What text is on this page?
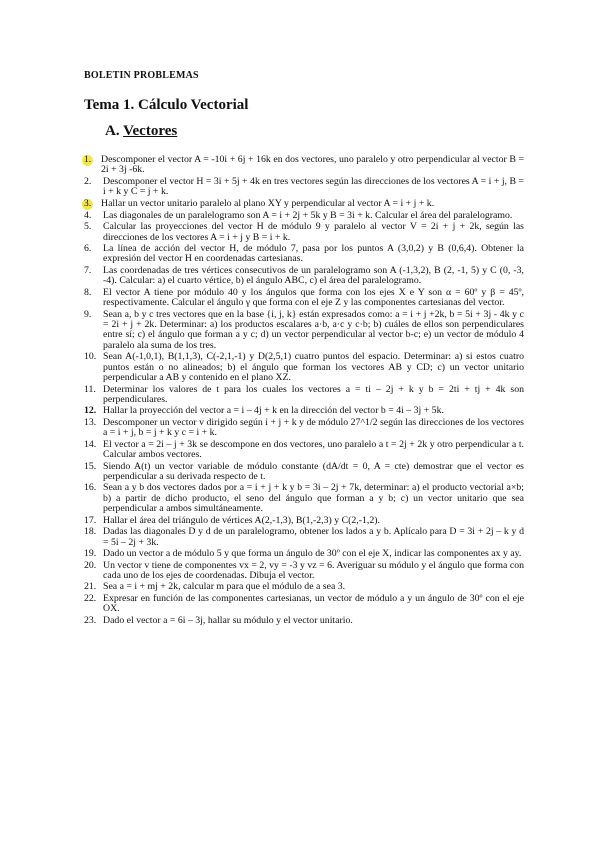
BOLETIN PROBLEMAS
Tema 1. Cálculo Vectorial
A. Vectores
1. Descomponer el vector A = -10i + 6j + 16k en dos vectores, uno paralelo y otro perpendicular al vector B = 2i + 3j -6k.
2.	Descomponer el vector H = 3i + 5j + 4k en tres vectores según las direcciones de los vectores A = i + j, B = i + k y C = j + k.
3. Hallar un vector unitario paralelo al plano XY y perpendicular al vector A = i + j + k.
4.	Las diagonales de un paralelogramo son A = i + 2j + 5k y B = 3i + k. Calcular el área del paralelogramo.
5.	Calcular las proyecciones del vector H de módulo 9 y paralelo al vector V = 2i + j + 2k, según las direcciones de los vectores A = i + j y B = i + k.
6.	La línea de acción del vector H, de módulo 7, pasa por los puntos A (3,0,2) y B (0,6,4). Obtener la expresión del vector H en coordenadas cartesianas.
7.	Las coordenadas de tres vértices consecutivos de un paralelogramo son A (-1,3,2), B (2, -1, 5) y C (0, -3, -4). Calcular: a) el cuarto vértice, b) el ángulo ABC, c) el área del paralelogramo.
8.	El vector A tiene por módulo 40 y los ángulos que forma con los ejes X e Y son α = 60º y β = 45º, respectivamente. Calcular el ángulo γ que forma con el eje Z y las componentes cartesianas del vector.
9.	Sean a, b y c tres vectores que en la base {i, j, k} están expresados como: a = i + j +2k, b = 5i + 3j - 4k y c = 2i + j + 2k. Determinar: a) los productos escalares a·b, a·c y c·b; b) cuáles de ellos son perpendiculares entre sí; c) el ángulo que forman a y c; d) un vector perpendicular al vector b-c; e) un vector de módulo 4 paralelo ala suma de los tres.
10. Sean A(-1,0,1), B(1,1,3), C(-2,1,-1) y D(2,5,1) cuatro puntos del espacio. Determinar: a) si estos cuatro puntos están o no alineados; b) el ángulo que forman los vectores AB y CD; c) un vector unitario perpendicular a AB y contenido en el plano XZ.
11. Determinar los valores de t para los cuales los vectores a = ti – 2j + k y b = 2ti + tj + 4k son perpendiculares.
12. Hallar la proyección del vector a = i – 4j + k en la dirección del vector b = 4i – 3j + 5k.
13. Descomponer un vector v dirigido según i + j + k y de módulo 27^1/2 según las direcciones de los vectores a = i + j, b = j + k y c = i + k.
14. El vector a = 2i – j + 3k se descompone en dos vectores, uno paralelo a t = 2j + 2k y otro perpendicular a t. Calcular ambos vectores.
15. Siendo A(t) un vector variable de módulo constante (dA/dt = 0, A = cte) demostrar que el vector es perpendicular a su derivada respecto de t.
16. Sean a y b dos vectores dados por a = i + j + k y b = 3i – 2j + 7k, determinar: a) el producto vectorial a×b; b) a partir de dicho producto, el seno del ángulo que forman a y b; c) un vector unitario que sea perpendicular a ambos simultáneamente.
17. Hallar el área del triángulo de vértices A(2,-1,3), B(1,-2,3) y C(2,-1,2).
18. Dadas las diagonales D y d de un paralelogramo, obtener los lados a y b. Aplícalo para D = 3i + 2j – k y d = 5i – 2j + 3k.
19. Dado un vector a de módulo 5 y que forma un ángulo de 30º con el eje X, indicar las componentes ax y ay.
20. Un vector v tiene de componentes vx = 2, vy = -3 y vz = 6. Averiguar su módulo y el ángulo que forma con cada uno de los ejes de coordenadas. Dibuja el vector.
21. Sea a = i + mj + 2k, calcular m para que el módulo de a sea 3.
22. Expresar en función de las componentes cartesianas, un vector de módulo a y un ángulo de 30º con el eje OX.
23. Dado el vector a = 6i – 3j, hallar su módulo y el vector unitario.
